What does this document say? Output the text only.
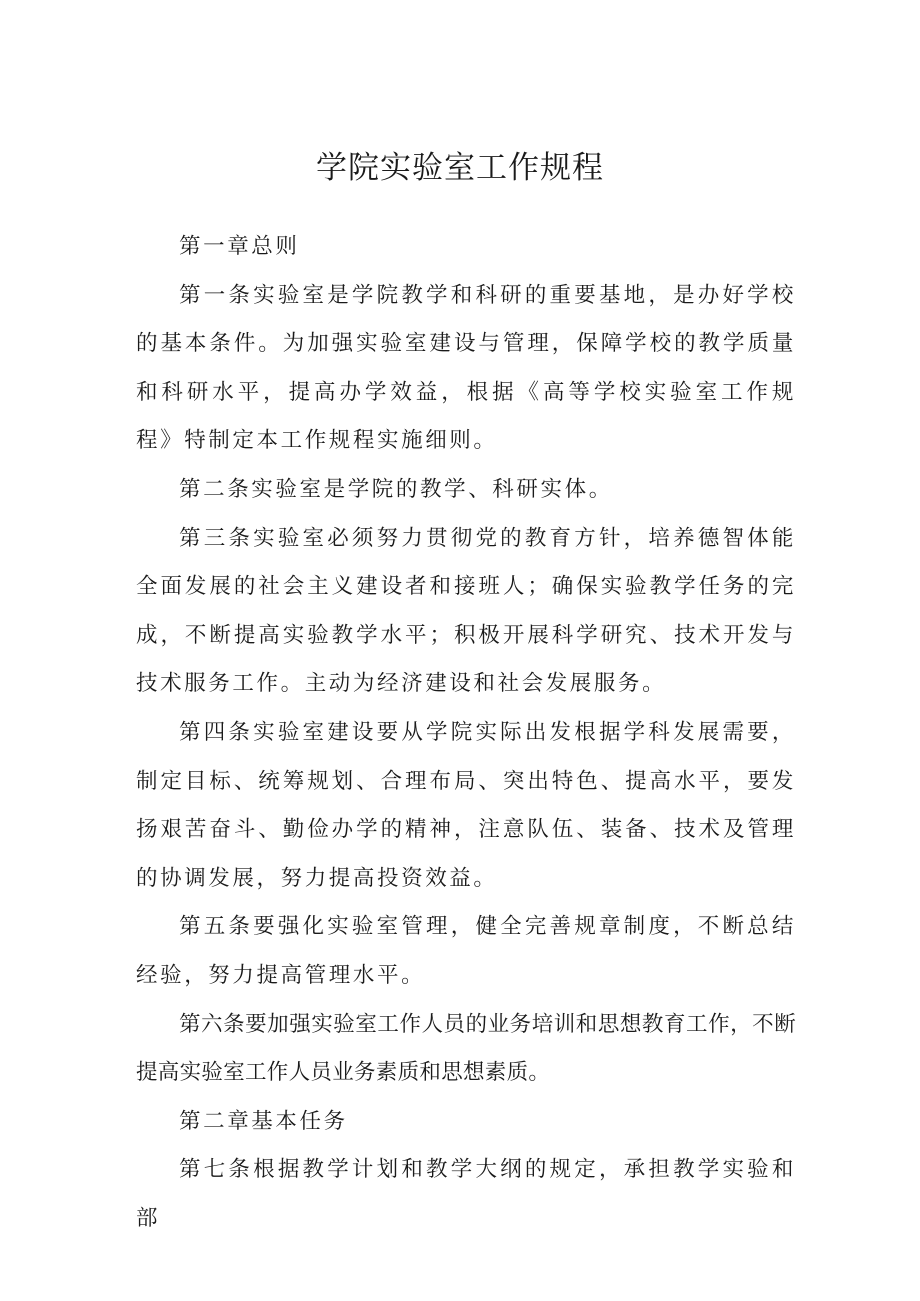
学院实验室工作规程

第一章总则

第一条实验室是学院教学和科研的重要基地，是办好学校的基本条件。为加强实验室建设与管理，保障学校的教学质量和科研水平，提高办学效益，根据《高等学校实验室工作规程》特制定本工作规程实施细则。

第二条实验室是学院的教学、科研实体。

第三条实验室必须努力贯彻党的教育方针，培养德智体能全面发展的社会主义建设者和接班人；确保实验教学任务的完成，不断提高实验教学水平；积极开展科学研究、技术开发与技术服务工作。主动为经济建设和社会发展服务。

第四条实验室建设要从学院实际出发根据学科发展需要，制定目标、统筹规划、合理布局、突出特色、提高水平，要发扬艰苦奋斗、勤俭办学的精神，注意队伍、装备、技术及管理的协调发展，努力提高投资效益。

第五条要强化实验室管理，健全完善规章制度，不断总结经验，努力提高管理水平。

第六条要加强实验室工作人员的业务培训和思想教育工作，不断提高实验室工作人员业务素质和思想素质。

第二章基本任务

第七条根据教学计划和教学大纲的规定，承担教学实验和部
